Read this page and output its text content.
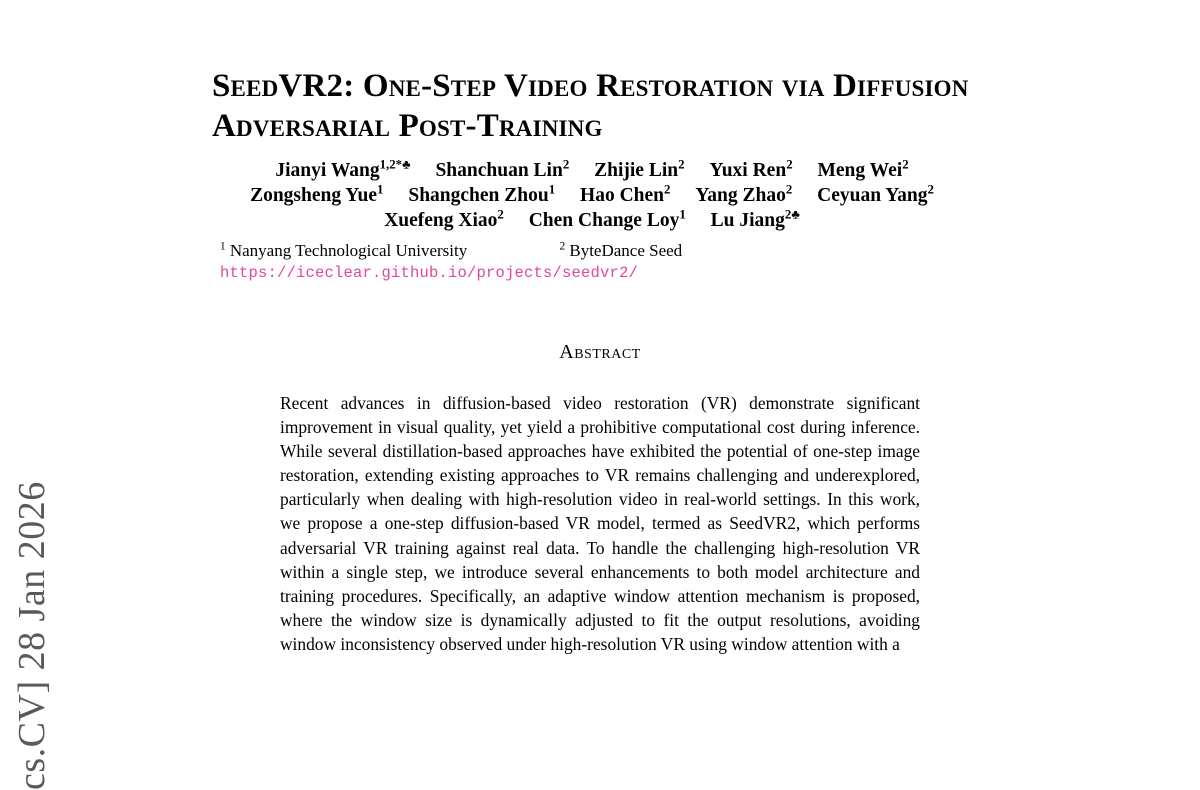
cs.CV] 28 Jan 2026
SeedVR2: One-Step Video Restoration via Diffusion Adversarial Post-Training
Jianyi Wang$^{1,2*♣}$ Shanchuan Lin$^2$ Zhijie Lin$^2$ Yuxi Ren$^2$ Meng Wei$^2$
Zongsheng Yue$^1$ Shangchen Zhou$^1$ Hao Chen$^2$ Yang Zhao$^2$ Ceyuan Yang$^2$
Xuefeng Xiao$^2$ Chen Change Loy$^1$ Lu Jiang$^{2♣}$
$^1$ Nanyang Technological University	$^2$ ByteDance Seed
https://iceclear.github.io/projects/seedvr2/
Abstract
Recent advances in diffusion-based video restoration (VR) demonstrate significant improvement in visual quality, yet yield a prohibitive computational cost during inference. While several distillation-based approaches have exhibited the potential of one-step image restoration, extending existing approaches to VR remains challenging and underexplored, particularly when dealing with high-resolution video in real-world settings. In this work, we propose a one-step diffusion-based VR model, termed as SeedVR2, which performs adversarial VR training against real data. To handle the challenging high-resolution VR within a single step, we introduce several enhancements to both model architecture and training procedures. Specifically, an adaptive window attention mechanism is proposed, where the window size is dynamically adjusted to fit the output resolutions, avoiding window inconsistency observed under high-resolution VR using window attention with a
